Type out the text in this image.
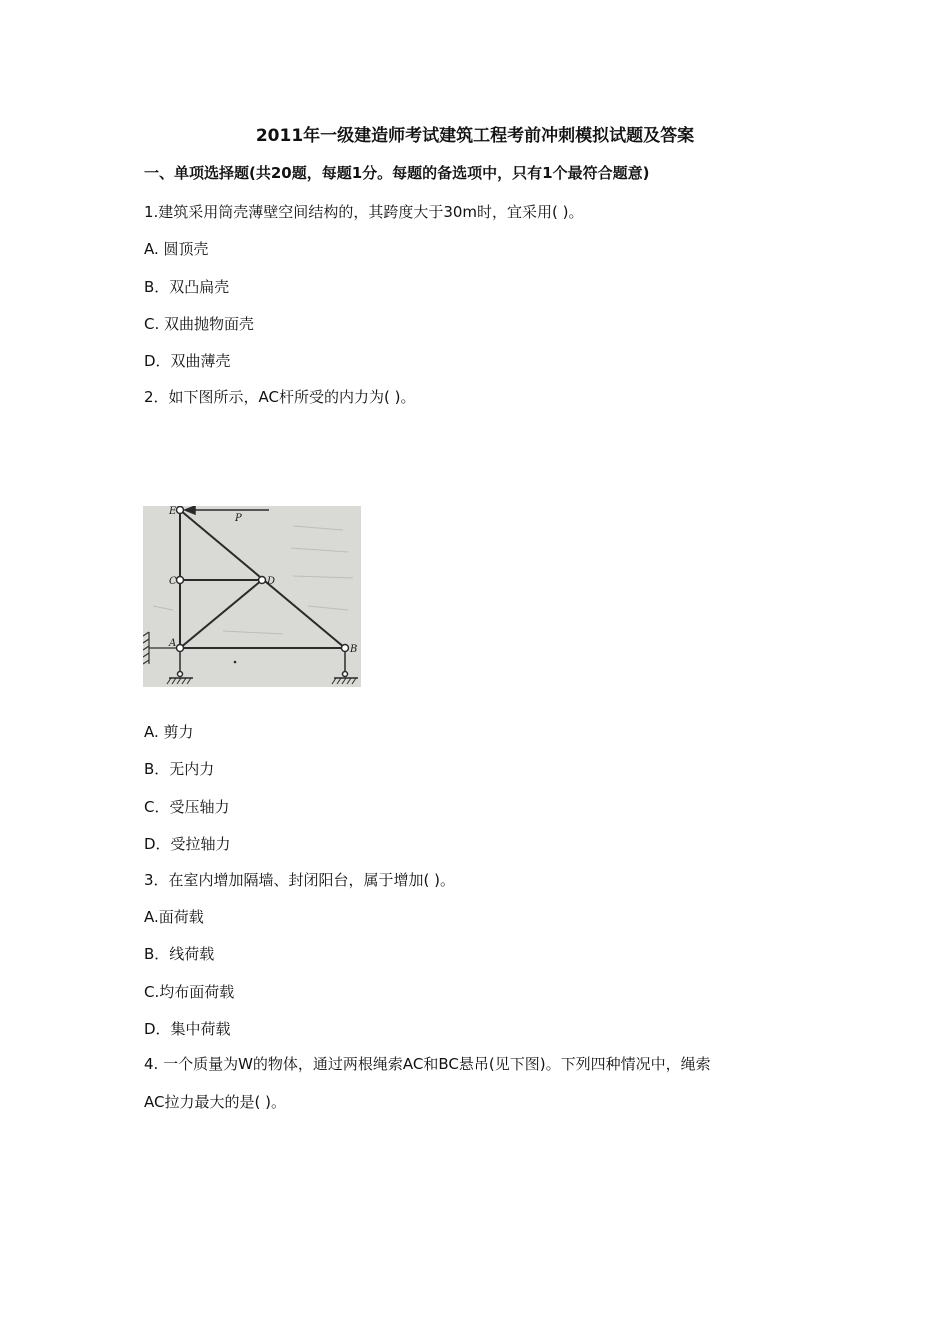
2011年一级建造师考试建筑工程考前冲刺模拟试题及答案
一、单项选择题(共20题，每题1分。每题的备选项中，只有1个最符合题意)
1.建筑采用筒壳薄壁空间结构的，其跨度大于30m时，宜采用( )。
A. 圆顶壳
B．双凸扁壳
C. 双曲抛物面壳
D．双曲薄壳
2．如下图所示，AC杆所受的内力为( )。
E
P
C	D
A
B
A. 剪力
B．无内力
C．受压轴力
D．受拉轴力
3．在室内增加隔墙、封闭阳台，属于增加( )。
A.面荷载
B．线荷载
C.均布面荷载
D．集中荷载
4. 一个质量为W的物体，通过两根绳索AC和BC悬吊(见下图)。下列四种情况中，绳索
AC拉力最大的是( )。
